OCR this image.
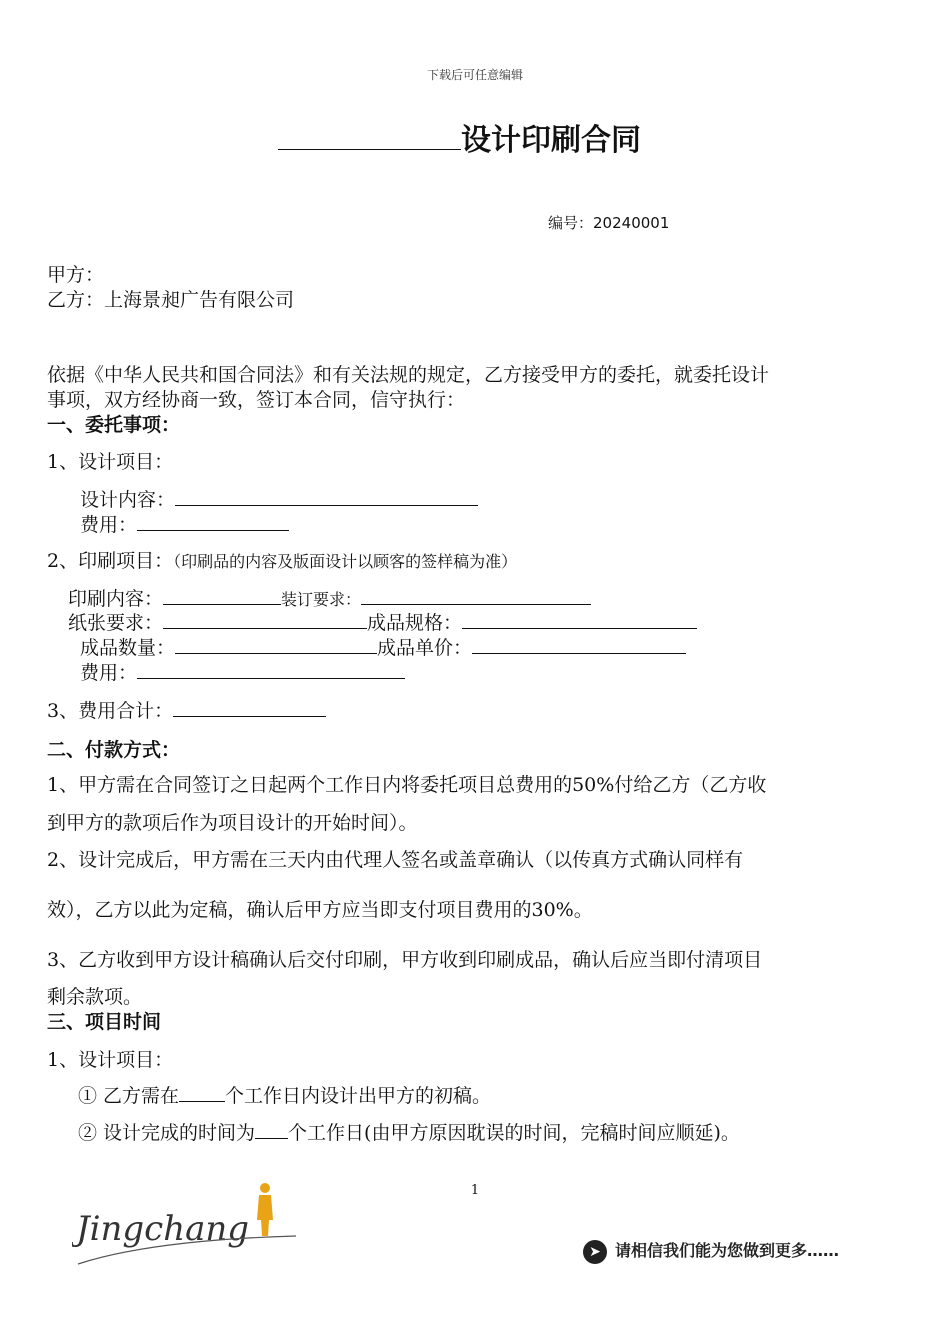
下载后可任意编辑
设计印刷合同
编号：20240001
甲方：
乙方：上海景昶广告有限公司
依据《中华人民共和国合同法》和有关法规的规定，乙方接受甲方的委托，就委托设计
事项，双方经协商一致，签订本合同，信守执行：
一、委托事项：
1、设计项目：
设计内容：
费用：
2、印刷项目：（印刷品的内容及版面设计以顾客的签样稿为准）
印刷内容：	装订要求：
纸张要求：	成品规格：
成品数量：	成品单价：
费用：
3、费用合计：
二、付款方式：
1、甲方需在合同签订之日起两个工作日内将委托项目总费用的50%付给乙方（乙方收
到甲方的款项后作为项目设计的开始时间）。
2、设计完成后，甲方需在三天内由代理人签名或盖章确认（以传真方式确认同样有
效），乙方以此为定稿，确认后甲方应当即支付项目费用的30%。
3、乙方收到甲方设计稿确认后交付印刷，甲方收到印刷成品，确认后应当即付清项目
剩余款项。
三、项目时间
1、设计项目：
① 乙方需在 个工作日内设计出甲方的初稿。
② 设计完成的时间为 个工作日(由甲方原因耽误的时间，完稿时间应顺延)。
1
Jingchang
➤ 请相信我们能为您做到更多……
